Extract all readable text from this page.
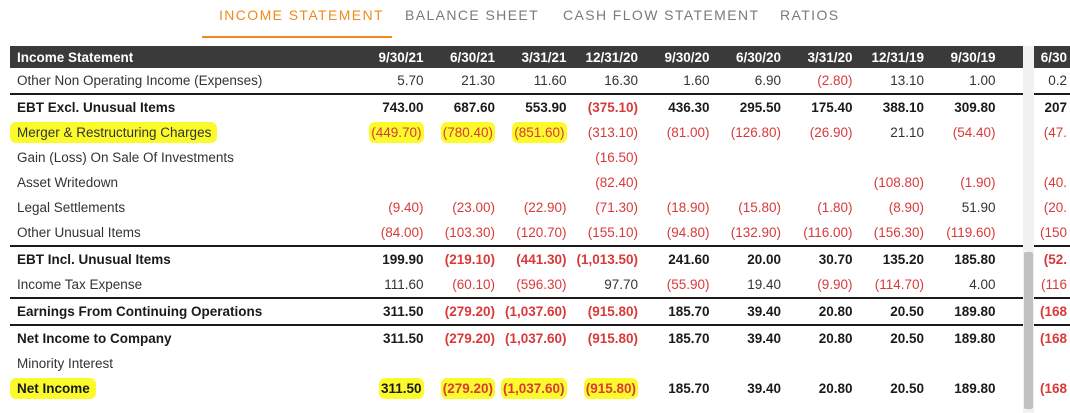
INCOME STATEMENT BALANCE SHEET CASH FLOW STATEMENT RATIOS
Income Statement	9/30/21	6/30/21	3/31/21	12/31/20	9/30/20	6/30/20	3/31/20	12/31/19	9/30/19	6/30
Other Non Operating Income (Expenses)	5.70	21.30	11.60	16.30	1.60	6.90	(2.80)	13.10	1.00	0.2
EBT Excl. Unusual Items	743.00	687.60	553.90	(375.10)	436.30	295.50	175.40	388.10	309.80	207
Merger & Restructuring Charges	(449.70)	(780.40)	(851.60)	(313.10)	(81.00)	(126.80)	(26.90)	21.10	(54.40)	(47.
Gain (Loss) On Sale Of Investments				(16.50)						
Asset Writedown				(82.40)				(108.80)	(1.90)	(40.
Legal Settlements	(9.40)	(23.00)	(22.90)	(71.30)	(18.90)	(15.80)	(1.80)	(8.90)	51.90	(20.
Other Unusual Items	(84.00)	(103.30)	(120.70)	(155.10)	(94.80)	(132.90)	(116.00)	(156.30)	(119.60)	(150
EBT Incl. Unusual Items	199.90	(219.10)	(441.30)	(1,013.50)	241.60	20.00	30.70	135.20	185.80	(52.
Income Tax Expense	111.60	(60.10)	(596.30)	97.70	(55.90)	19.40	(9.90)	(114.70)	4.00	(116
Earnings From Continuing Operations	311.50	(279.20)	(1,037.60)	(915.80)	185.70	39.40	20.80	20.50	189.80	(168
Net Income to Company	311.50	(279.20)	(1,037.60)	(915.80)	185.70	39.40	20.80	20.50	189.80	(168
Minority Interest										
Net Income	311.50	(279.20)	(1,037.60)	(915.80)	185.70	39.40	20.80	20.50	189.80	(168
